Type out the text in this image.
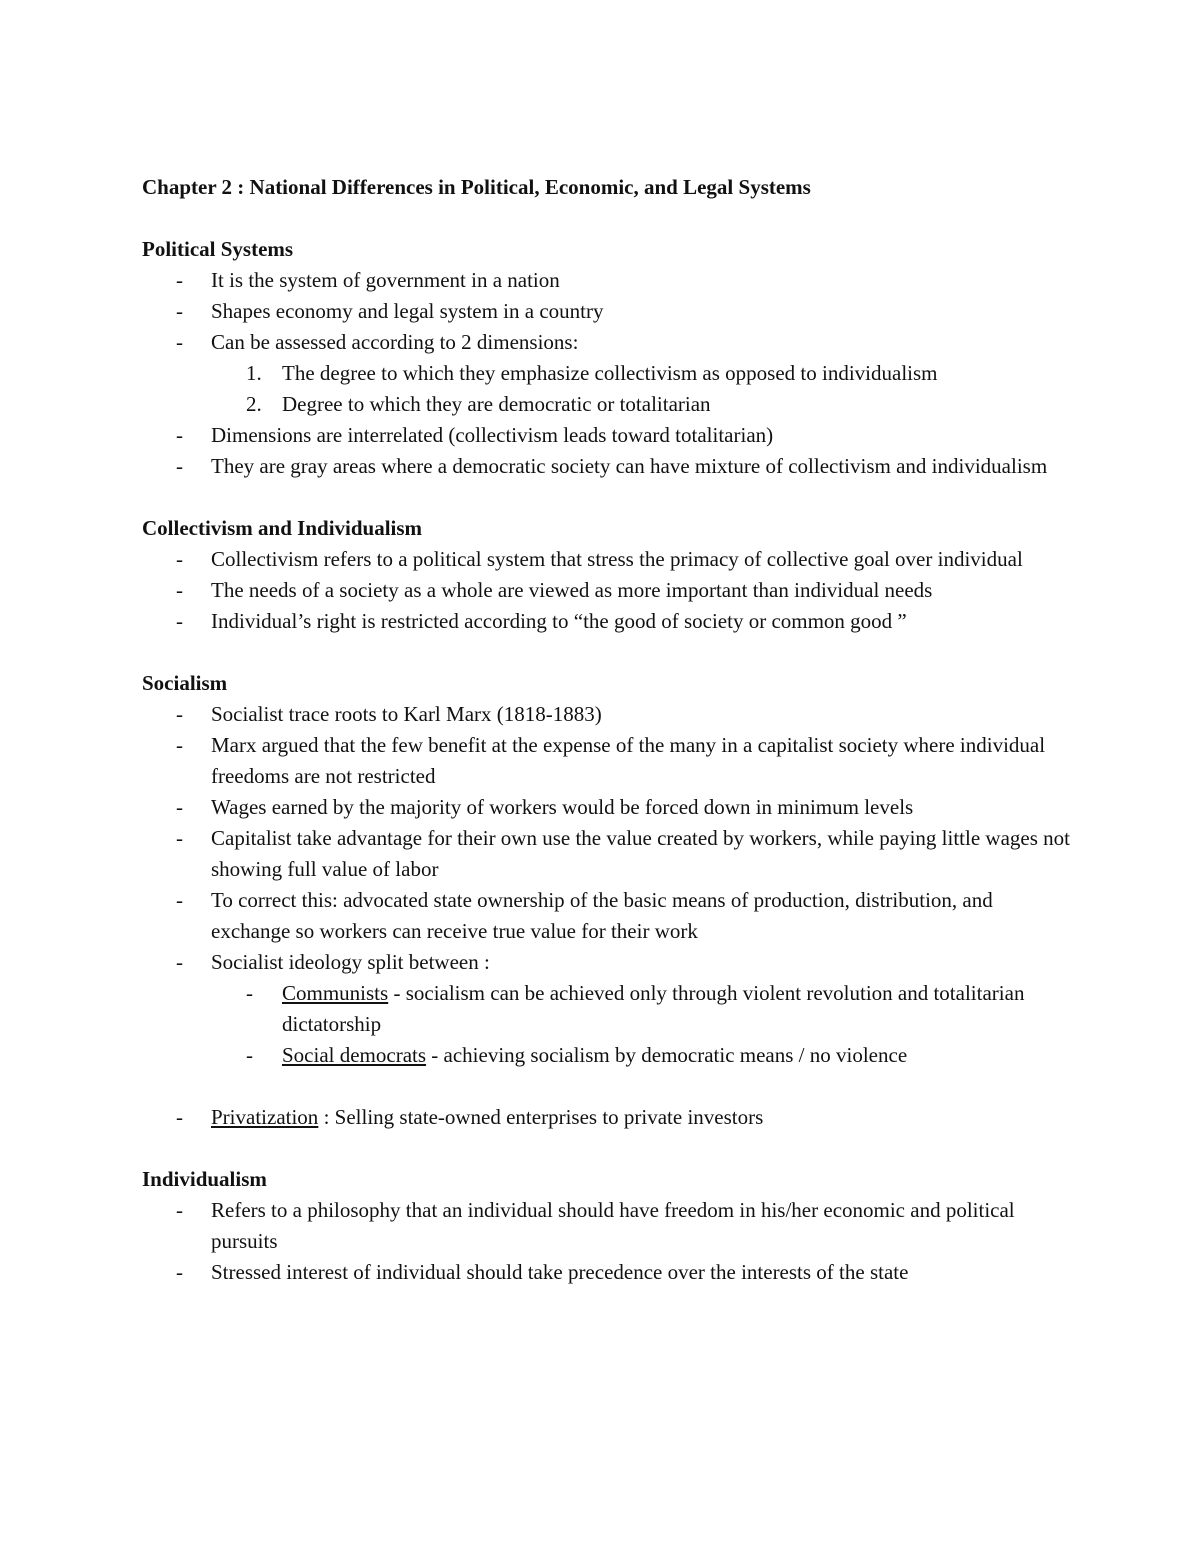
Chapter 2 : National Differences in Political, Economic, and Legal Systems
Political Systems
- It is the system of government in a nation
- Shapes economy and legal system in a country
- Can be assessed according to 2 dimensions:
1. The degree to which they emphasize collectivism as opposed to individualism
2. Degree to which they are democratic or totalitarian
- Dimensions are interrelated (collectivism leads toward totalitarian)
- They are gray areas where a democratic society can have mixture of collectivism and individualism
Collectivism and Individualism
- Collectivism refers to a political system that stress the primacy of collective goal over individual
- The needs of a society as a whole are viewed as more important than individual needs
- Individual’s right is restricted according to “the good of society or common good ”
Socialism
- Socialist trace roots to Karl Marx (1818-1883)
- Marx argued that the few benefit at the expense of the many in a capitalist society where individual freedoms are not restricted
- Wages earned by the majority of workers would be forced down in minimum levels
- Capitalist take advantage for their own use the value created by workers, while paying little wages not showing full value of labor
- To correct this: advocated state ownership of the basic means of production, distribution, and exchange so workers can receive true value for their work
- Socialist ideology split between :
- Communists - socialism can be achieved only through violent revolution and totalitarian dictatorship
- Social democrats - achieving socialism by democratic means / no violence
- Privatization : Selling state-owned enterprises to private investors
Individualism
- Refers to a philosophy that an individual should have freedom in his/her economic and political pursuits
- Stressed interest of individual should take precedence over the interests of the state
